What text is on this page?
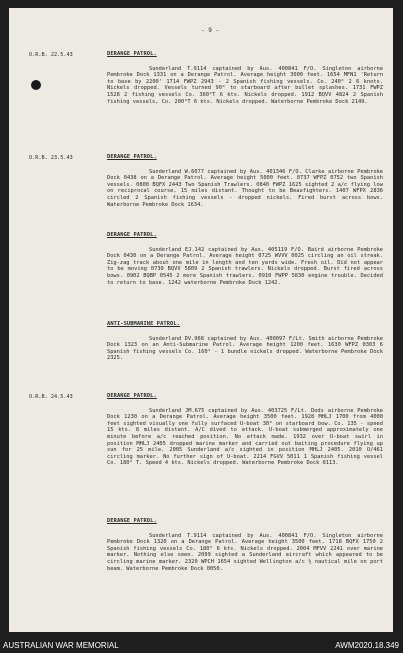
- 9 -
O.R.B. 22.5.43
O.R.B. 23.5.43
O.R.B. 24.5.43
DERANGE PATROL.
Sunderland T.9114 captained by Aus. 400841 F/O. Singleton airborne Pembroke Dock 1331 on a Derange Patrol. Average height 3000 feet. 1654 MFN1 'Return to base by 2200' 1714 FWPZ 2943 - 2 Spanish fishing vessels. Co. 240° 2 6 knots. Nickels dropped. Vessels turned 90° to starboard after bullet splashes. 1731 FWPZ 1528 2 fishing vessels Co. 360°T 6 kts. Nickels dropped. 1912 BQVV 4824 2 Spanish fishing vessels, Co. 200°T 6 kts. Nickels dropped. Waterborne Pembroke Dock 2149.
DERANGE PATROL.
Sunderland W.6077 captained by Aus. 401346 F/O. Clarke airborne Pembroke Dock 0438 on a Derange Patrol. Average height 5000 feet. 0737 WFPZ 0752 two Spanish vessels. 0800 BQFX 2443 Two Spanish Trawlers. 0840 FWPZ 1625 sighted 2 a/c flying low on reciprocal course, 15 miles distant. Thought to be Beaufighters. 1407 WFPX 2836 circled 2 Spanish fishing vessels - dropped nickels. Fired burst across bows. Waterborne Pembroke Dock 1634.
DERANGE PATROL.
Sunderland EJ.142 captained by Aus. 405119 F/O. Baird airborne Pembroke Dock 0430 on a Derange Patrol. Average height 0725 WVVV 0025 circling an oil streak. Zig-zag track about one mile in length and ten yards wide. Fresh oil. Did not appear to be moving 0730 BQVV 5809 2 Spanish trawlers. Nickels dropped. Burst fired across bows. 0902 BQBP 0545 2 more Spanish trawlers. 0910 FWPP 5830 engine trouble. Decided to return to base. 1242 waterborne Pembroke Dock 1242.
ANTI-SUBMARINE PATROL.
Sunderland DV.968 captained by Aus. 400097 F/Lt. Smith airborne Pembroke Dock 1323 on an Anti-Submarine Patrol. Average height 1200 feet. 1630 WFPZ 0303 6 Spanish fishing vessels Co. 160° - 1 bundle nickels dropped. Waterborne Pembroke Dock 2325.
DERANGE PATROL.
Sunderland JM.675 captained by Aus. 403725 F/Lt. Dods airborne Pembroke Dock 1230 on a Derange Patrol. Average height 3500 feet. 1928 MHLJ 1700 from 4000 feet sighted visually one fully surfaced U-boat 30° on starboard bow. Co. 135 - speed 15 kts. 8 miles distant. A/C dived to attack. U-boat submerged approximately one minute before a/c reached position. No attack made. 1932 over U-boat swirl in position MHLJ 2405 dropped marine marker and carried out baiting procedure flying up sun for 25 mile. 2005 Sunderland a/c sighted in position MHLJ 2405. 2010 O/461 circling marker. No further sign of U-boat. 2214 FGVV 5011 1 Spanish fishing vessel Co. 180° T. Speed 4 kts. Nickels dropped. Waterborne Pembroke Dock 0113.
DERANGE PATROL.
Sunderland T.9114 captained by Aus. 400841 F/O. Singleton airborne Pembroke Dock 1320 on a Derange Patrol. Average height 3500 feet. 1718 BQFX 1750 2 Spanish fishing vessels Co. 180° 6 kts. Nickels dropped. 2004 MFVV 2241 over marine marker. Nothing else seen. 2009 sighted a Sunderland aircraft which appeared to be circling marine marker. 2320 WPCH 1654 sighted Wellington a/c ½ nautical mile on port beam. Waterborne Pembroke Dock 0050.
AUSTRALIAN WAR MEMORIAL	AWM2020.18.349
